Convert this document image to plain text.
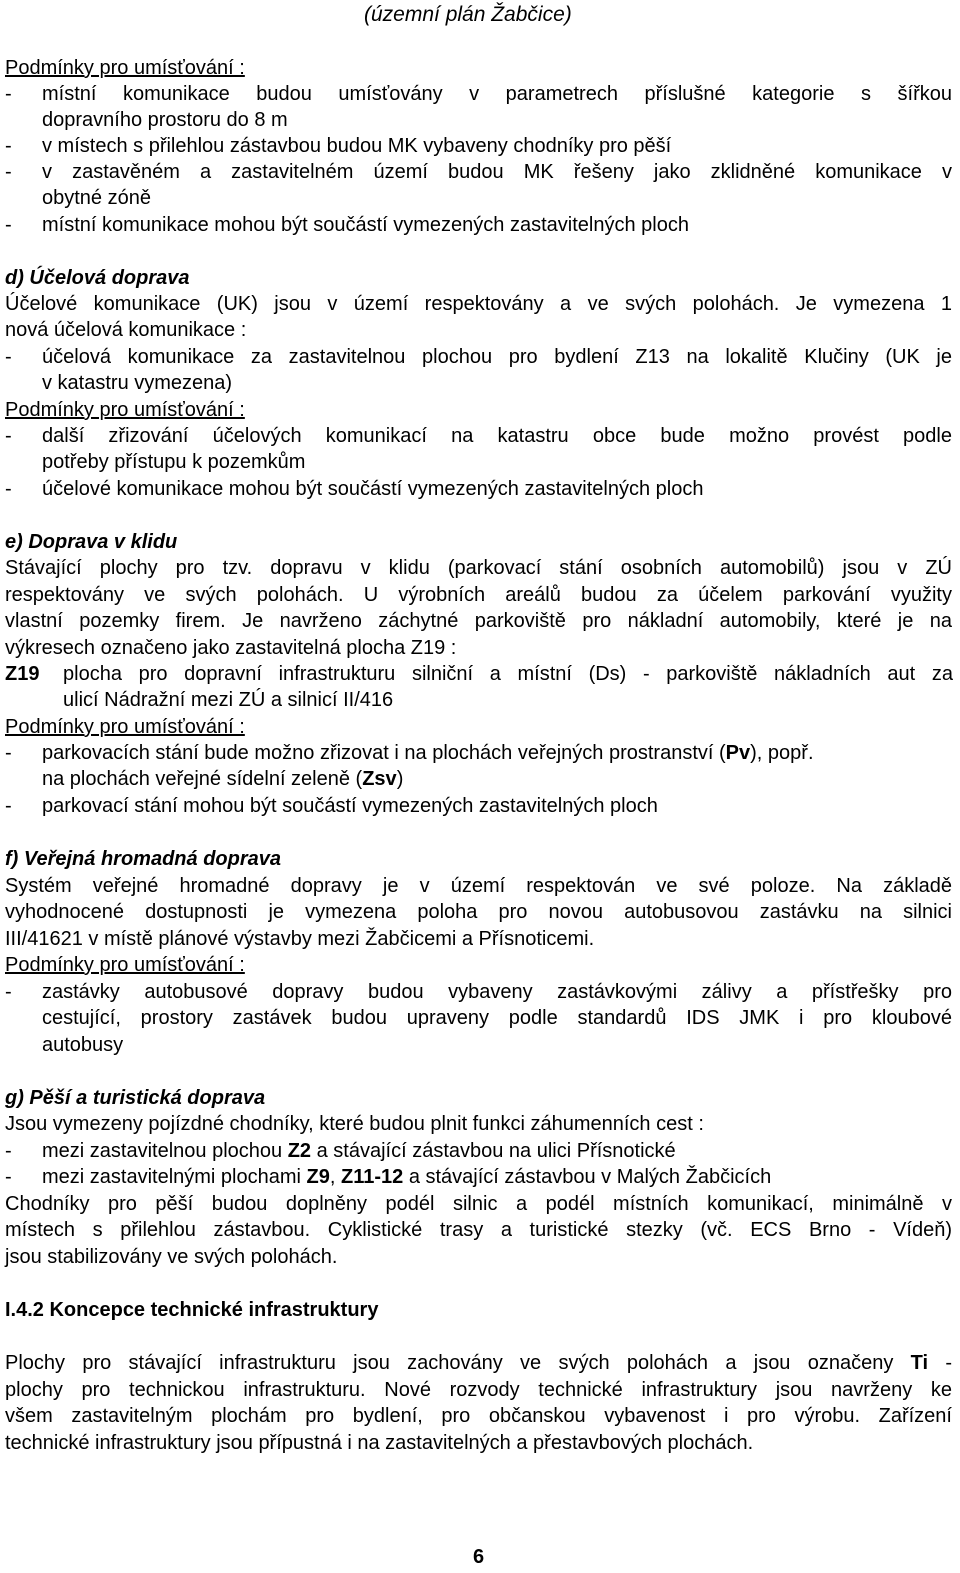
(územní plán Žabčice)
Podmínky pro umísťování :
- místní komunikace budou umísťovány v parametrech příslušné kategorie s šířkou
dopravního prostoru do 8 m
- v místech s přilehlou zástavbou budou MK vybaveny chodníky pro pěší
- v zastavěném a zastavitelném území budou MK řešeny jako zklidněné komunikace v
obytné zóně
- místní komunikace mohou být součástí vymezených zastavitelných ploch
d) Účelová doprava
Účelové komunikace (UK) jsou v území respektovány a ve svých polohách. Je vymezena 1
nová účelová komunikace :
- účelová komunikace za zastavitelnou plochou pro bydlení Z13 na lokalitě Klučiny (UK je
v katastru vymezena)
Podmínky pro umísťování :
- další zřizování účelových komunikací na katastru obce bude možno provést podle
potřeby přístupu k pozemkům
- účelové komunikace mohou být součástí vymezených zastavitelných ploch
e) Doprava v klidu
Stávající plochy pro tzv. dopravu v klidu (parkovací stání osobních automobilů) jsou v ZÚ
respektovány ve svých polohách. U výrobních areálů budou za účelem parkování využity
vlastní pozemky firem. Je navrženo záchytné parkoviště pro nákladní automobily, které je na
výkresech označeno jako zastavitelná plocha Z19 :
Z19 plocha pro dopravní infrastrukturu silniční a místní (Ds) - parkoviště nákladních aut za
ulicí Nádražní mezi ZÚ a silnicí II/416
Podmínky pro umísťování :
- parkovacích stání bude možno zřizovat i na plochách veřejných prostranství (Pv), popř.
na plochách veřejné sídelní zeleně (Zsv)
- parkovací stání mohou být součástí vymezených zastavitelných ploch
f) Veřejná hromadná doprava
Systém veřejné hromadné dopravy je v území respektován ve své poloze. Na základě
vyhodnocené dostupnosti je vymezena poloha pro novou autobusovou zastávku na silnici
III/41621 v místě plánové výstavby mezi Žabčicemi a Přísnoticemi.
Podmínky pro umísťování :
- zastávky autobusové dopravy budou vybaveny zastávkovými zálivy a přístřešky pro
cestující, prostory zastávek budou upraveny podle standardů IDS JMK i pro kloubové
autobusy
g) Pěší a turistická doprava
Jsou vymezeny pojízdné chodníky, které budou plnit funkci záhumenních cest :
- mezi zastavitelnou plochou Z2 a stávající zástavbou na ulici Přísnotické
- mezi zastavitelnými plochami Z9, Z11-12 a stávající zástavbou v Malých Žabčicích
Chodníky pro pěší budou doplněny podél silnic a podél místních komunikací, minimálně v
místech s přilehlou zástavbou. Cyklistické trasy a turistické stezky (vč. ECS Brno - Vídeň)
jsou stabilizovány ve svých polohách.
I.4.2 Koncepce technické infrastruktury
Plochy pro stávající infrastrukturu jsou zachovány ve svých polohách a jsou označeny Ti -
plochy pro technickou infrastrukturu. Nové rozvody technické infrastruktury jsou navrženy ke
všem zastavitelným plochám pro bydlení, pro občanskou vybavenost i pro výrobu. Zařízení
technické infrastruktury jsou přípustná i na zastavitelných a přestavbových plochách.
6
